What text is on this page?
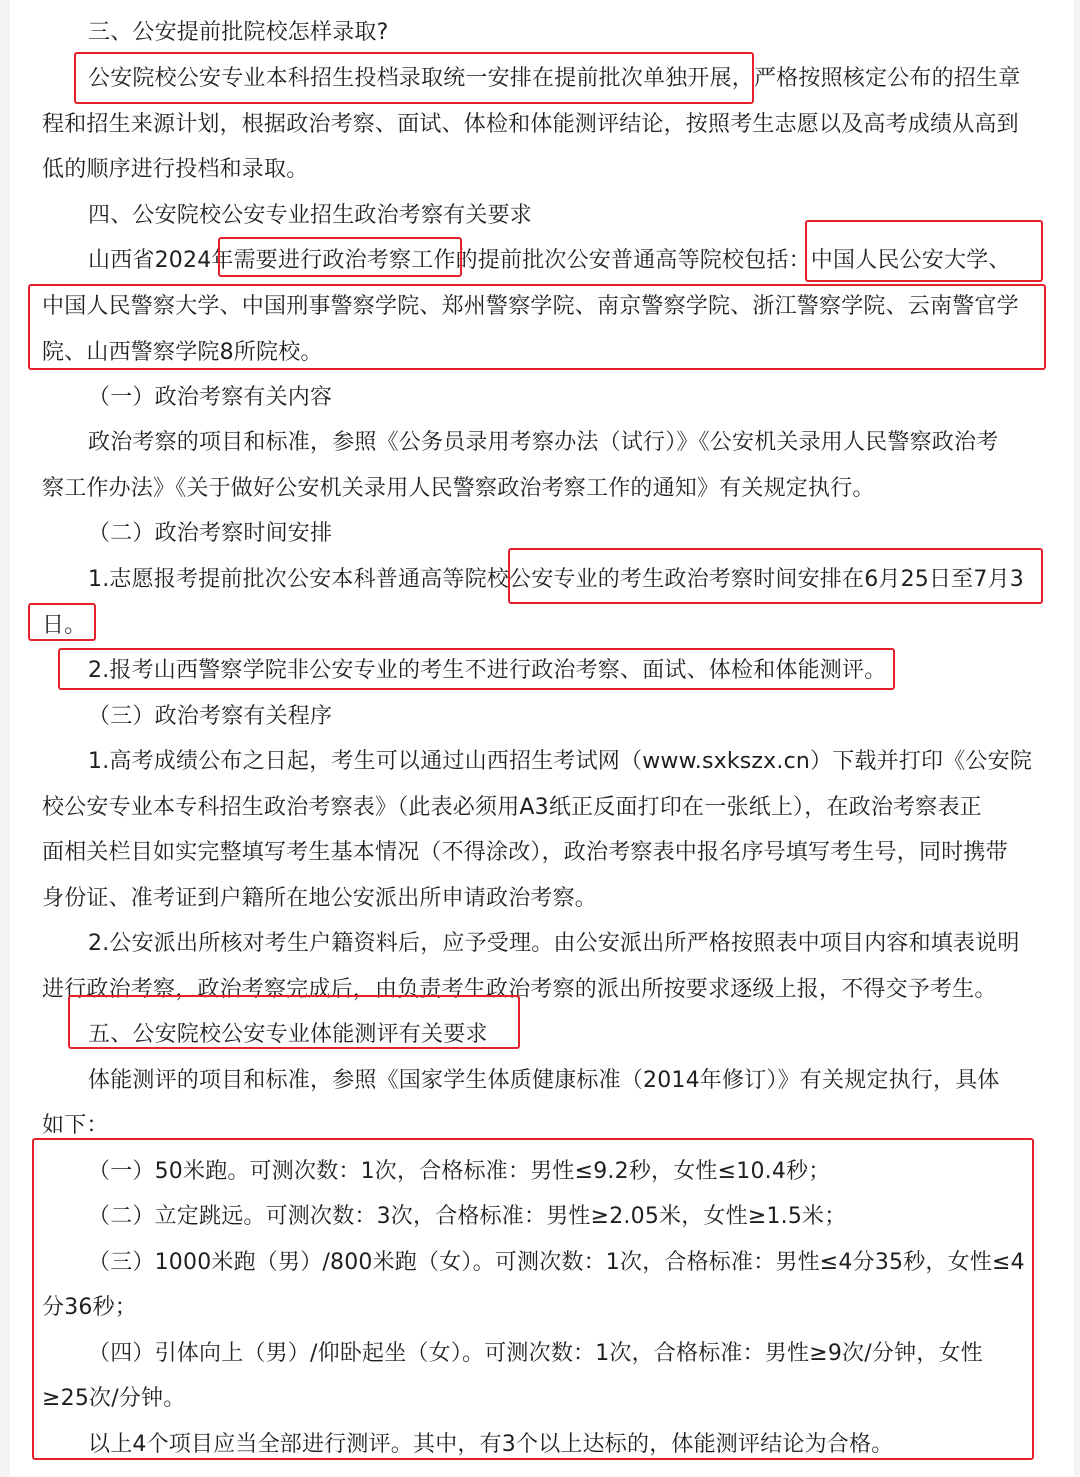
三、公安提前批院校怎样录取?
公安院校公安专业本科招生投档录取统一安排在提前批次单独开展，严格按照核定公布的招生章
程和招生来源计划，根据政治考察、面试、体检和体能测评结论，按照考生志愿以及高考成绩从高到
低的顺序进行投档和录取。
四、公安院校公安专业招生政治考察有关要求
山西省2024年需要进行政治考察工作的提前批次公安普通高等院校包括：中国人民公安大学、
中国人民警察大学、中国刑事警察学院、郑州警察学院、南京警察学院、浙江警察学院、云南警官学
院、山西警察学院8所院校。
（一）政治考察有关内容
政治考察的项目和标准，参照《公务员录用考察办法（试行）》《公安机关录用人民警察政治考
察工作办法》《关于做好公安机关录用人民警察政治考察工作的通知》有关规定执行。
（二）政治考察时间安排
1.志愿报考提前批次公安本科普通高等院校公安专业的考生政治考察时间安排在6月25日至7月3
日。
2.报考山西警察学院非公安专业的考生不进行政治考察、面试、体检和体能测评。
（三）政治考察有关程序
1.高考成绩公布之日起，考生可以通过山西招生考试网（www.sxkszx.cn）下载并打印《公安院
校公安专业本专科招生政治考察表》（此表必须用A3纸正反面打印在一张纸上），在政治考察表正
面相关栏目如实完整填写考生基本情况（不得涂改），政治考察表中报名序号填写考生号，同时携带
身份证、准考证到户籍所在地公安派出所申请政治考察。
2.公安派出所核对考生户籍资料后，应予受理。由公安派出所严格按照表中项目内容和填表说明
进行政治考察，政治考察完成后，由负责考生政治考察的派出所按要求逐级上报，不得交予考生。
五、公安院校公安专业体能测评有关要求
体能测评的项目和标准，参照《国家学生体质健康标准（2014年修订）》有关规定执行，具体
如下：
（一）50米跑。可测次数：1次，合格标准：男性≤9.2秒，女性≤10.4秒；
（二）立定跳远。可测次数：3次，合格标准：男性≥2.05米，女性≥1.5米；
（三）1000米跑（男）/800米跑（女）。可测次数：1次，合格标准：男性≤4分35秒，女性≤4
分36秒；
（四）引体向上（男）/仰卧起坐（女）。可测次数：1次，合格标准：男性≥9次/分钟，女性
≥25次/分钟。
以上4个项目应当全部进行测评。其中，有3个以上达标的，体能测评结论为合格。
